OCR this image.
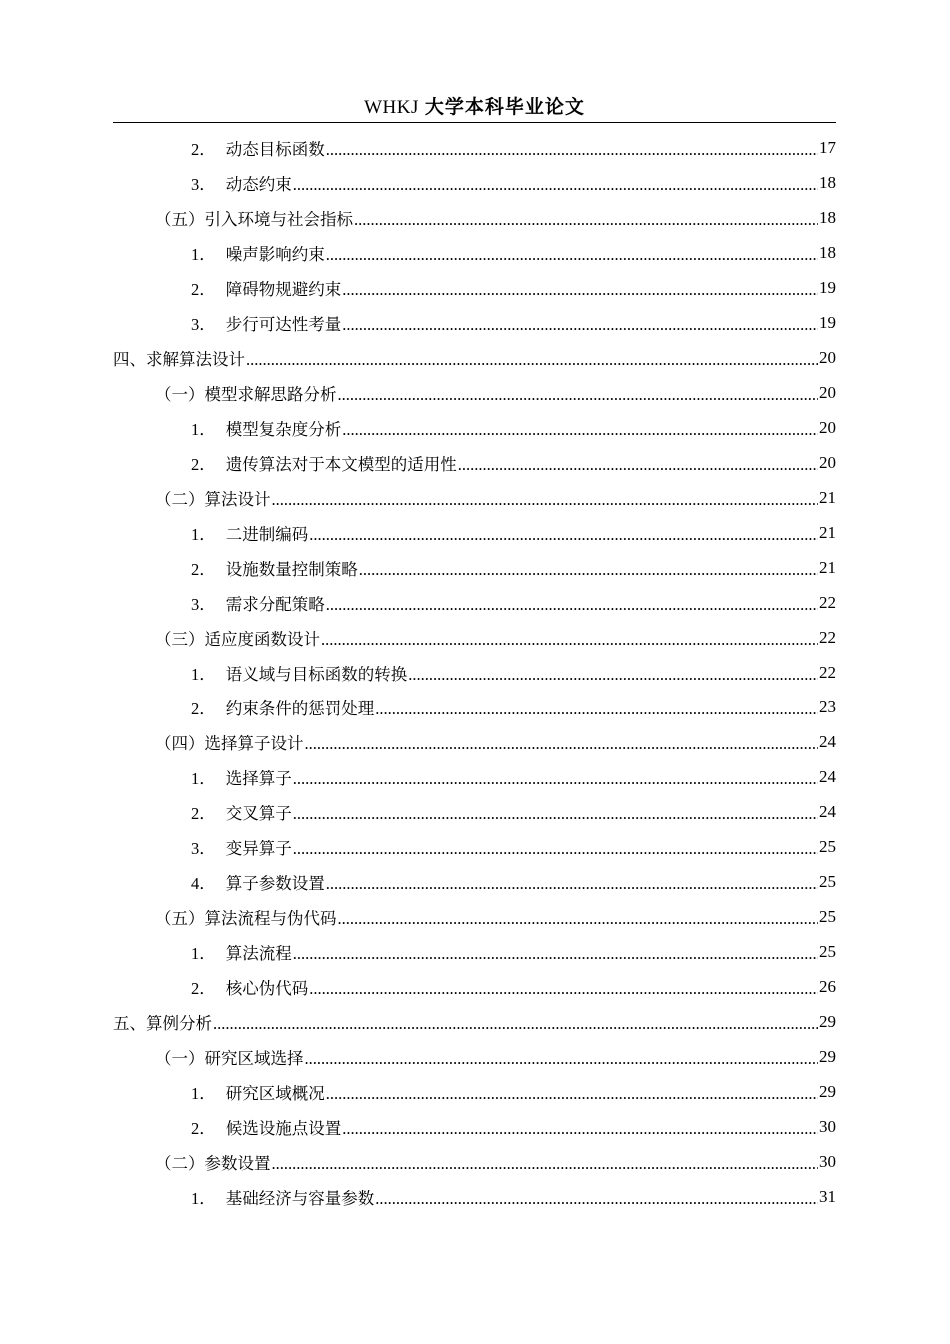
WHKJ 大学本科毕业论文
2． 动态目标函数 .....	17
3． 动态约束 .....	18
（五）引入环境与社会指标 .....	18
1． 噪声影响约束 .....	18
2． 障碍物规避约束 .....	19
3． 步行可达性考量 .....	19
四、求解算法设计 .....	20
（一）模型求解思路分析 .....	20
1． 模型复杂度分析 .....	20
2． 遗传算法对于本文模型的适用性 .....	20
（二）算法设计 .....	21
1． 二进制编码 .....	21
2． 设施数量控制策略 .....	21
3． 需求分配策略 .....	22
（三）适应度函数设计 .....	22
1． 语义域与目标函数的转换 .....	22
2． 约束条件的惩罚处理 .....	23
（四）选择算子设计 .....	24
1． 选择算子 .....	24
2． 交叉算子 .....	24
3． 变异算子 .....	25
4． 算子参数设置 .....	25
（五）算法流程与伪代码 .....	25
1． 算法流程 .....	25
2． 核心伪代码 .....	26
五、算例分析 .....	29
（一）研究区域选择 .....	29
1． 研究区域概况 .....	29
2． 候选设施点设置 .....	30
（二）参数设置 .....	30
1． 基础经济与容量参数 .....	31
